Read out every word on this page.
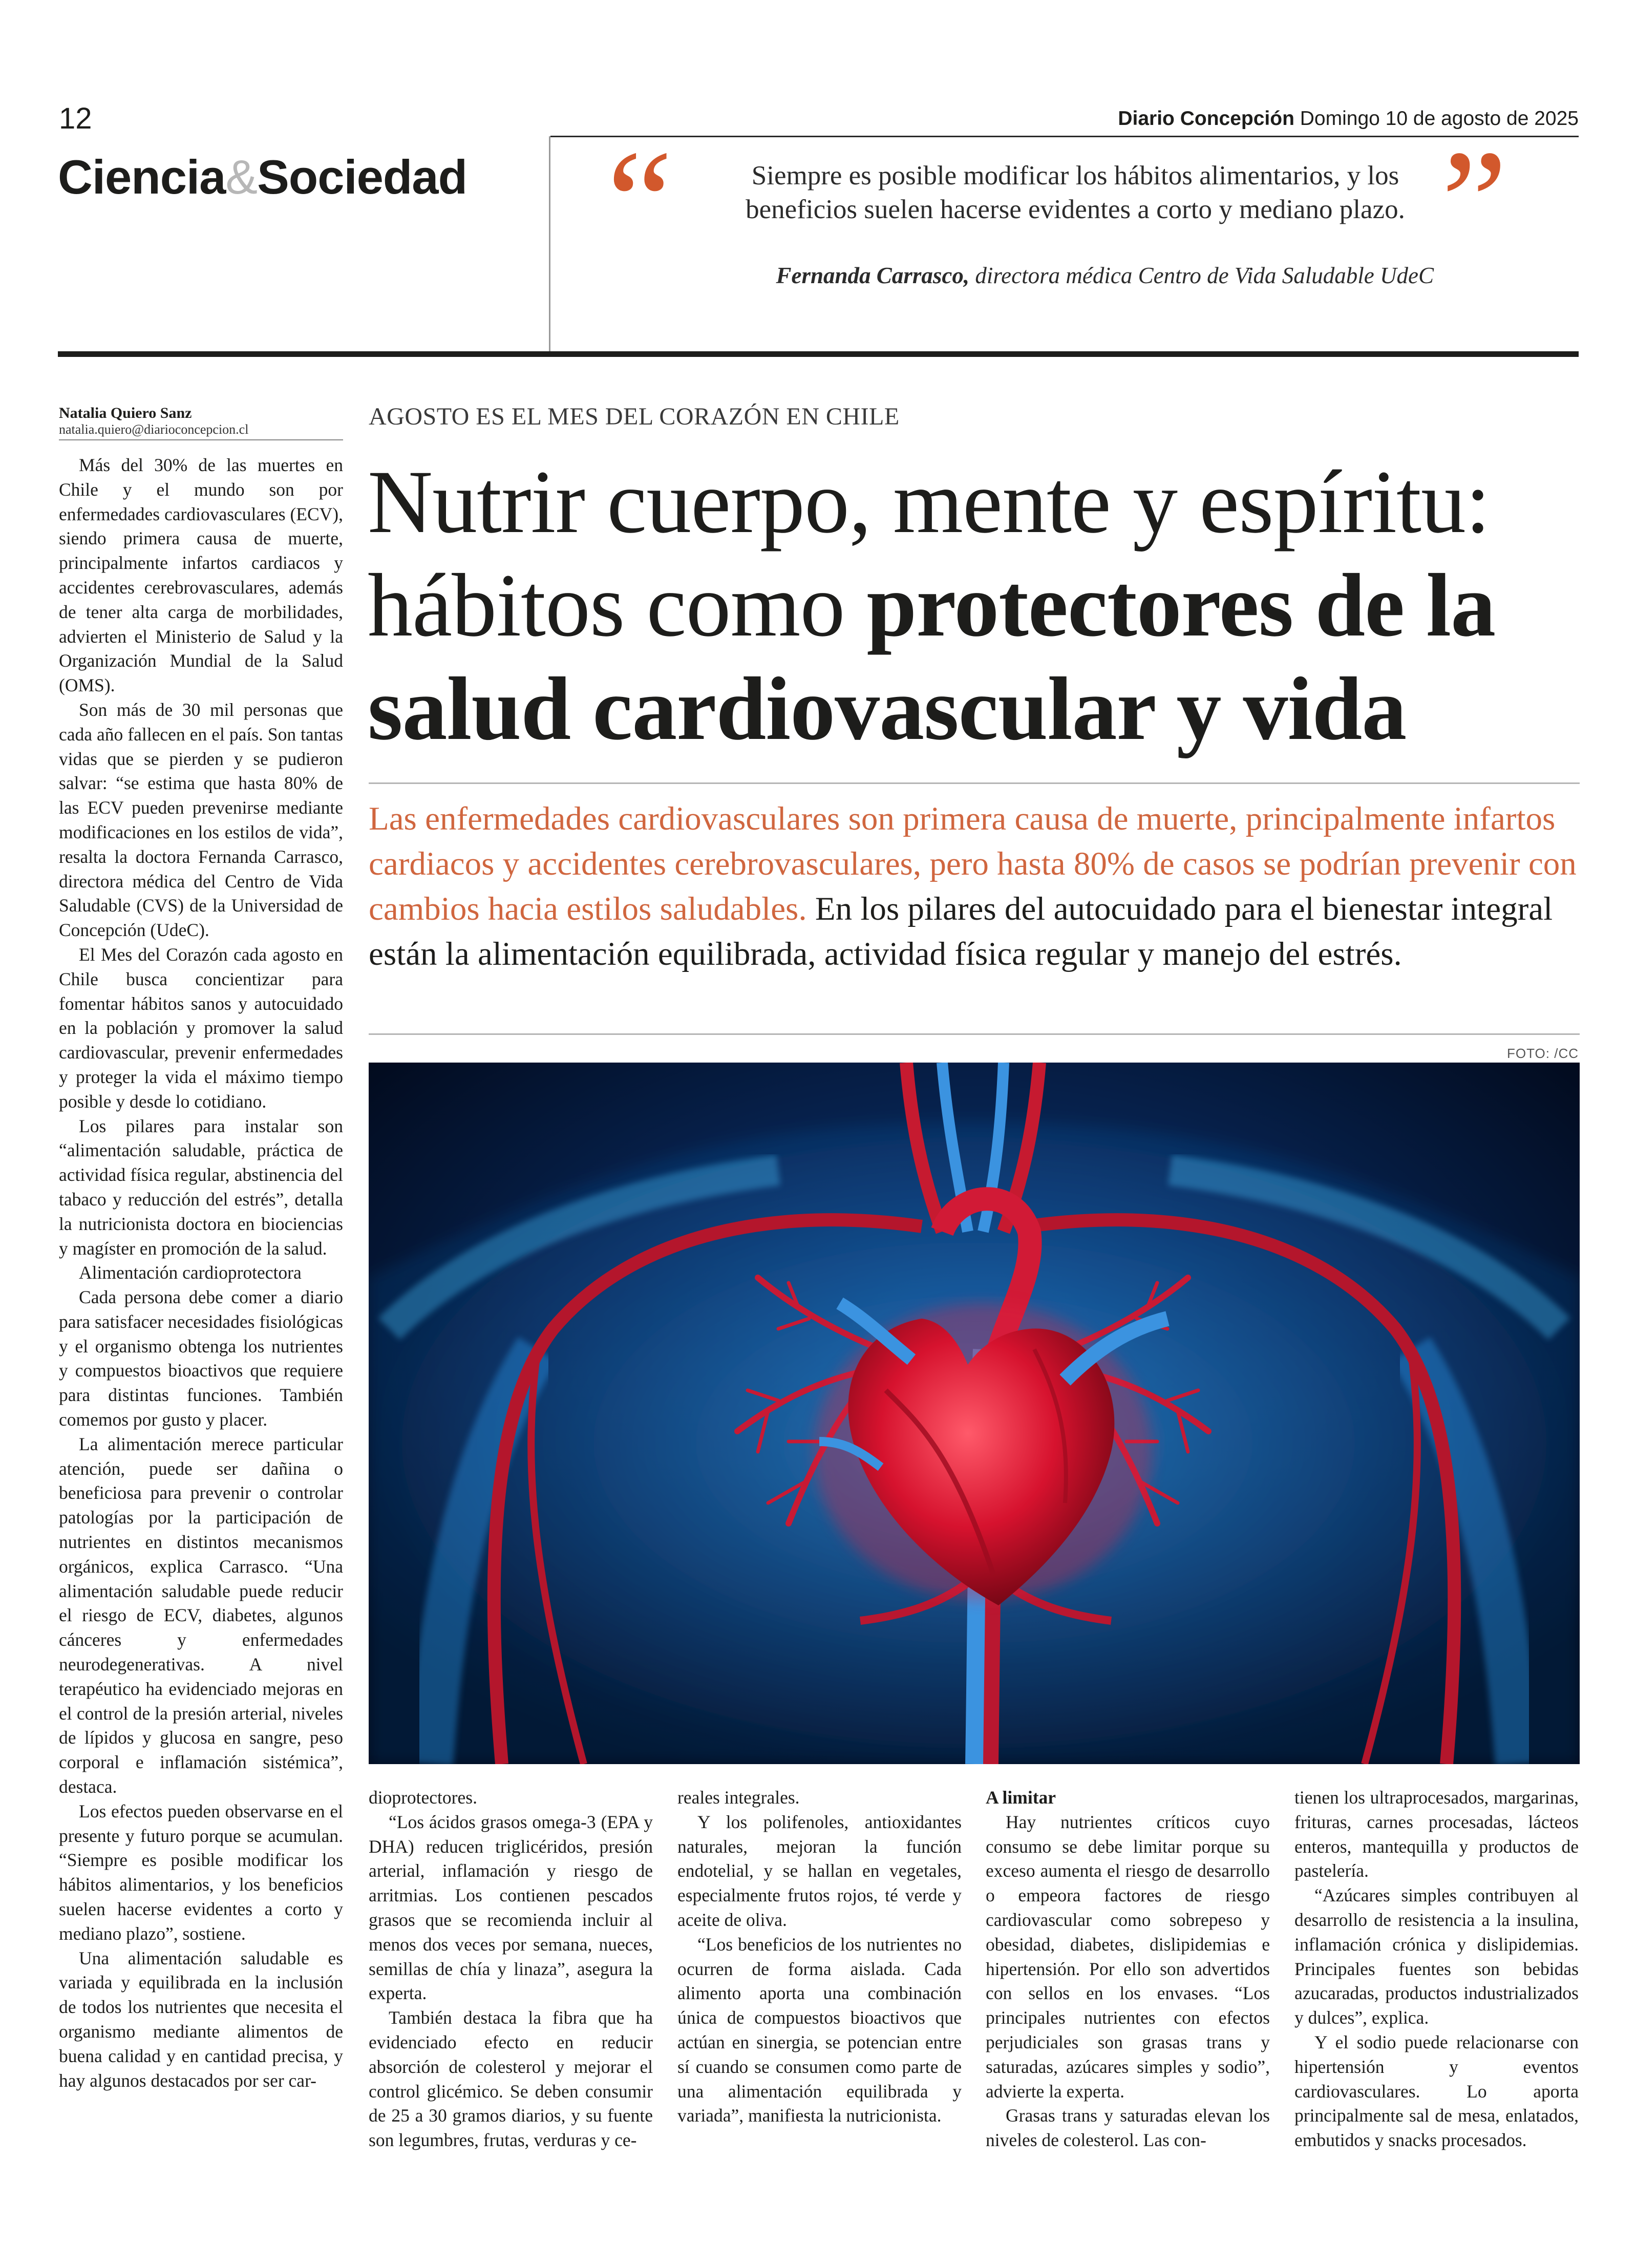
12	Diario Concepción Domingo 10 de agosto de 2025
Ciencia&Sociedad “	”
Siempre es posible modificar los hábitos alimentarios, y los beneficios suelen hacerse evidentes a corto y mediano plazo.
Fernanda Carrasco, directora médica Centro de Vida Saludable UdeC
Natalia Quiero Sanz
natalia.quiero@diarioconcepcion.cl	AGOSTO ES EL MES DEL CORAZÓN EN CHILE
Nutrir cuerpo, mente y espíritu: hábitos como protectores de la salud cardiovascular y vida
Las enfermedades cardiovasculares son primera causa de muerte, principalmente infartos cardiacos y accidentes cerebrovasculares, pero hasta 80% de casos se podrían prevenir con cambios hacia estilos saludables. En los pilares del autocuidado para el bienestar integral están la alimentación equilibrada, actividad física regular y manejo del estrés.
FOTO: /CC

Más del 30% de las muertes en Chile y el mundo son por enfermedades cardiovasculares (ECV), siendo primera causa de muerte, principalmente infartos cardiacos y accidentes cerebrovasculares, además de tener alta carga de morbilidades, advierten el Ministerio de Salud y la Organización Mundial de la Salud (OMS).

Son más de 30 mil personas que cada año fallecen en el país. Son tantas vidas que se pierden y se pudieron salvar: “se estima que hasta 80% de las ECV pueden prevenirse mediante modificaciones en los estilos de vida”, resalta la doctora Fernanda Carrasco, directora médica del Centro de Vida Saludable (CVS) de la Universidad de Concepción (UdeC).

El Mes del Corazón cada agosto en Chile busca concientizar para fomentar hábitos sanos y autocuidado en la población y promover la salud cardiovascular, prevenir enfermedades y proteger la vida el máximo tiempo posible y desde lo cotidiano.

Los pilares para instalar son “alimentación saludable, práctica de actividad física regular, abstinencia del tabaco y reducción del estrés”, detalla la nutricionista doctora en biociencias y magíster en promoción de la salud.

Alimentación cardioprotectora

Cada persona debe comer a diario para satisfacer necesidades fisiológicas y el organismo obtenga los nutrientes y compuestos bioactivos que requiere para distintas funciones. También comemos por gusto y placer.

La alimentación merece particular atención, puede ser dañina o beneficiosa para prevenir o controlar patologías por la participación de nutrientes en distintos mecanismos orgánicos, explica Carrasco. “Una alimentación saludable puede reducir el riesgo de ECV, diabetes, algunos cánceres y enfermedades neurodegenerativas. A nivel terapéutico ha evidenciado mejoras en el control de la presión arterial, niveles de lípidos y glucosa en sangre, peso corporal e inflamación sistémica”, destaca.

Los efectos pueden observarse en el presente y futuro porque se acumulan. “Siempre es posible modificar los hábitos alimentarios, y los beneficios suelen hacerse evidentes a corto y mediano plazo”, sostiene.

Una alimentación saludable es variada y equilibrada en la inclusión de todos los nutrientes que necesita el organismo mediante alimentos de buena calidad y en cantidad precisa, y hay algunos destacados por ser car-

dioprotectores.

“Los ácidos grasos omega-3 (EPA y DHA) reducen triglicéridos, presión arterial, inflamación y riesgo de arritmias. Los contienen pescados grasos que se recomienda incluir al menos dos veces por semana, nueces, semillas de chía y linaza”, asegura la experta.

También destaca la fibra que ha evidenciado efecto en reducir absorción de colesterol y mejorar el control glicémico. Se deben consumir de 25 a 30 gramos diarios, y su fuente son legumbres, frutas, verduras y ce-

reales integrales.

Y los polifenoles, antioxidantes naturales, mejoran la función endotelial, y se hallan en vegetales, especialmente frutos rojos, té verde y aceite de oliva.

“Los beneficios de los nutrientes no ocurren de forma aislada. Cada alimento aporta una combinación única de compuestos bioactivos que actúan en sinergia, se potencian entre sí cuando se consumen como parte de una alimentación equilibrada y variada”, manifiesta la nutricionista.

A limitar

Hay nutrientes críticos cuyo consumo se debe limitar porque su exceso aumenta el riesgo de desarrollo o empeora factores de riesgo cardiovascular como sobrepeso y obesidad, diabetes, dislipidemias e hipertensión. Por ello son advertidos con sellos en los envases. “Los principales nutrientes con efectos perjudiciales son grasas trans y saturadas, azúcares simples y sodio”, advierte la experta.

Grasas trans y saturadas elevan los niveles de colesterol. Las con-

tienen los ultraprocesados, margarinas, frituras, carnes procesadas, lácteos enteros, mantequilla y productos de pastelería.

“Azúcares simples contribuyen al desarrollo de resistencia a la insulina, inflamación crónica y dislipidemias. Principales fuentes son bebidas azucaradas, productos industrializados y dulces”, explica.

Y el sodio puede relacionarse con hipertensión y eventos cardiovasculares. Lo aporta principalmente sal de mesa, enlatados, embutidos y snacks procesados.
